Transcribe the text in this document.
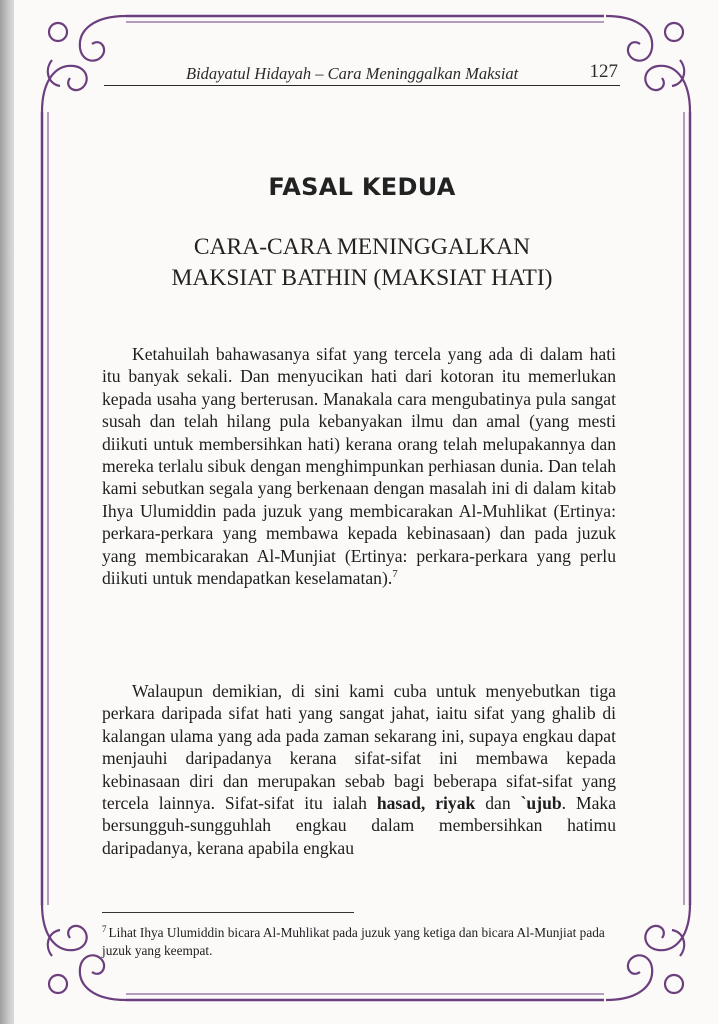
Bidayatul Hidayah – Cara Meninggalkan Maksiat	127
FASAL KEDUA
CARA-CARA MENINGGALKAN
MAKSIAT BATHIN (MAKSIAT HATI)

Ketahuilah bahawasanya sifat yang tercela yang ada di dalam hati itu banyak sekali. Dan menyucikan hati dari kotoran itu memerlukan kepada usaha yang berterusan. Manakala cara mengubatinya pula sangat susah dan telah hilang pula kebanyakan ilmu dan amal (yang mesti diikuti untuk membersihkan hati) kerana orang telah melupakannya dan mereka terlalu sibuk dengan menghimpunkan perhiasan dunia. Dan telah kami sebutkan segala yang berkenaan dengan masalah ini di dalam kitab Ihya Ulumiddin pada juzuk yang membicarakan Al-Muhlikat (Ertinya: perkara-perkara yang membawa kepada kebinasaan) dan pada juzuk yang membicarakan Al-Munjiat (Ertinya: perkara-perkara yang perlu diikuti untuk mendapatkan keselamatan).$^7$

Walaupun demikian, di sini kami cuba untuk menyebutkan tiga perkara daripada sifat hati yang sangat jahat, iaitu sifat yang ghalib di kalangan ulama yang ada pada zaman sekarang ini, supaya engkau dapat menjauhi daripadanya kerana sifat-sifat ini membawa kepada kebinasaan diri dan merupakan sebab bagi beberapa sifat-sifat yang tercela lainnya. Sifat-sifat itu ialah hasad, riyak dan `ujub. Maka bersungguh-sungguhlah engkau dalam membersihkan hatimu daripadanya, kerana apabila engkau

$^7$ Lihat Ihya Ulumiddin bicara Al-Muhlikat pada juzuk yang ketiga dan bicara Al-Munjiat pada juzuk yang keempat.
